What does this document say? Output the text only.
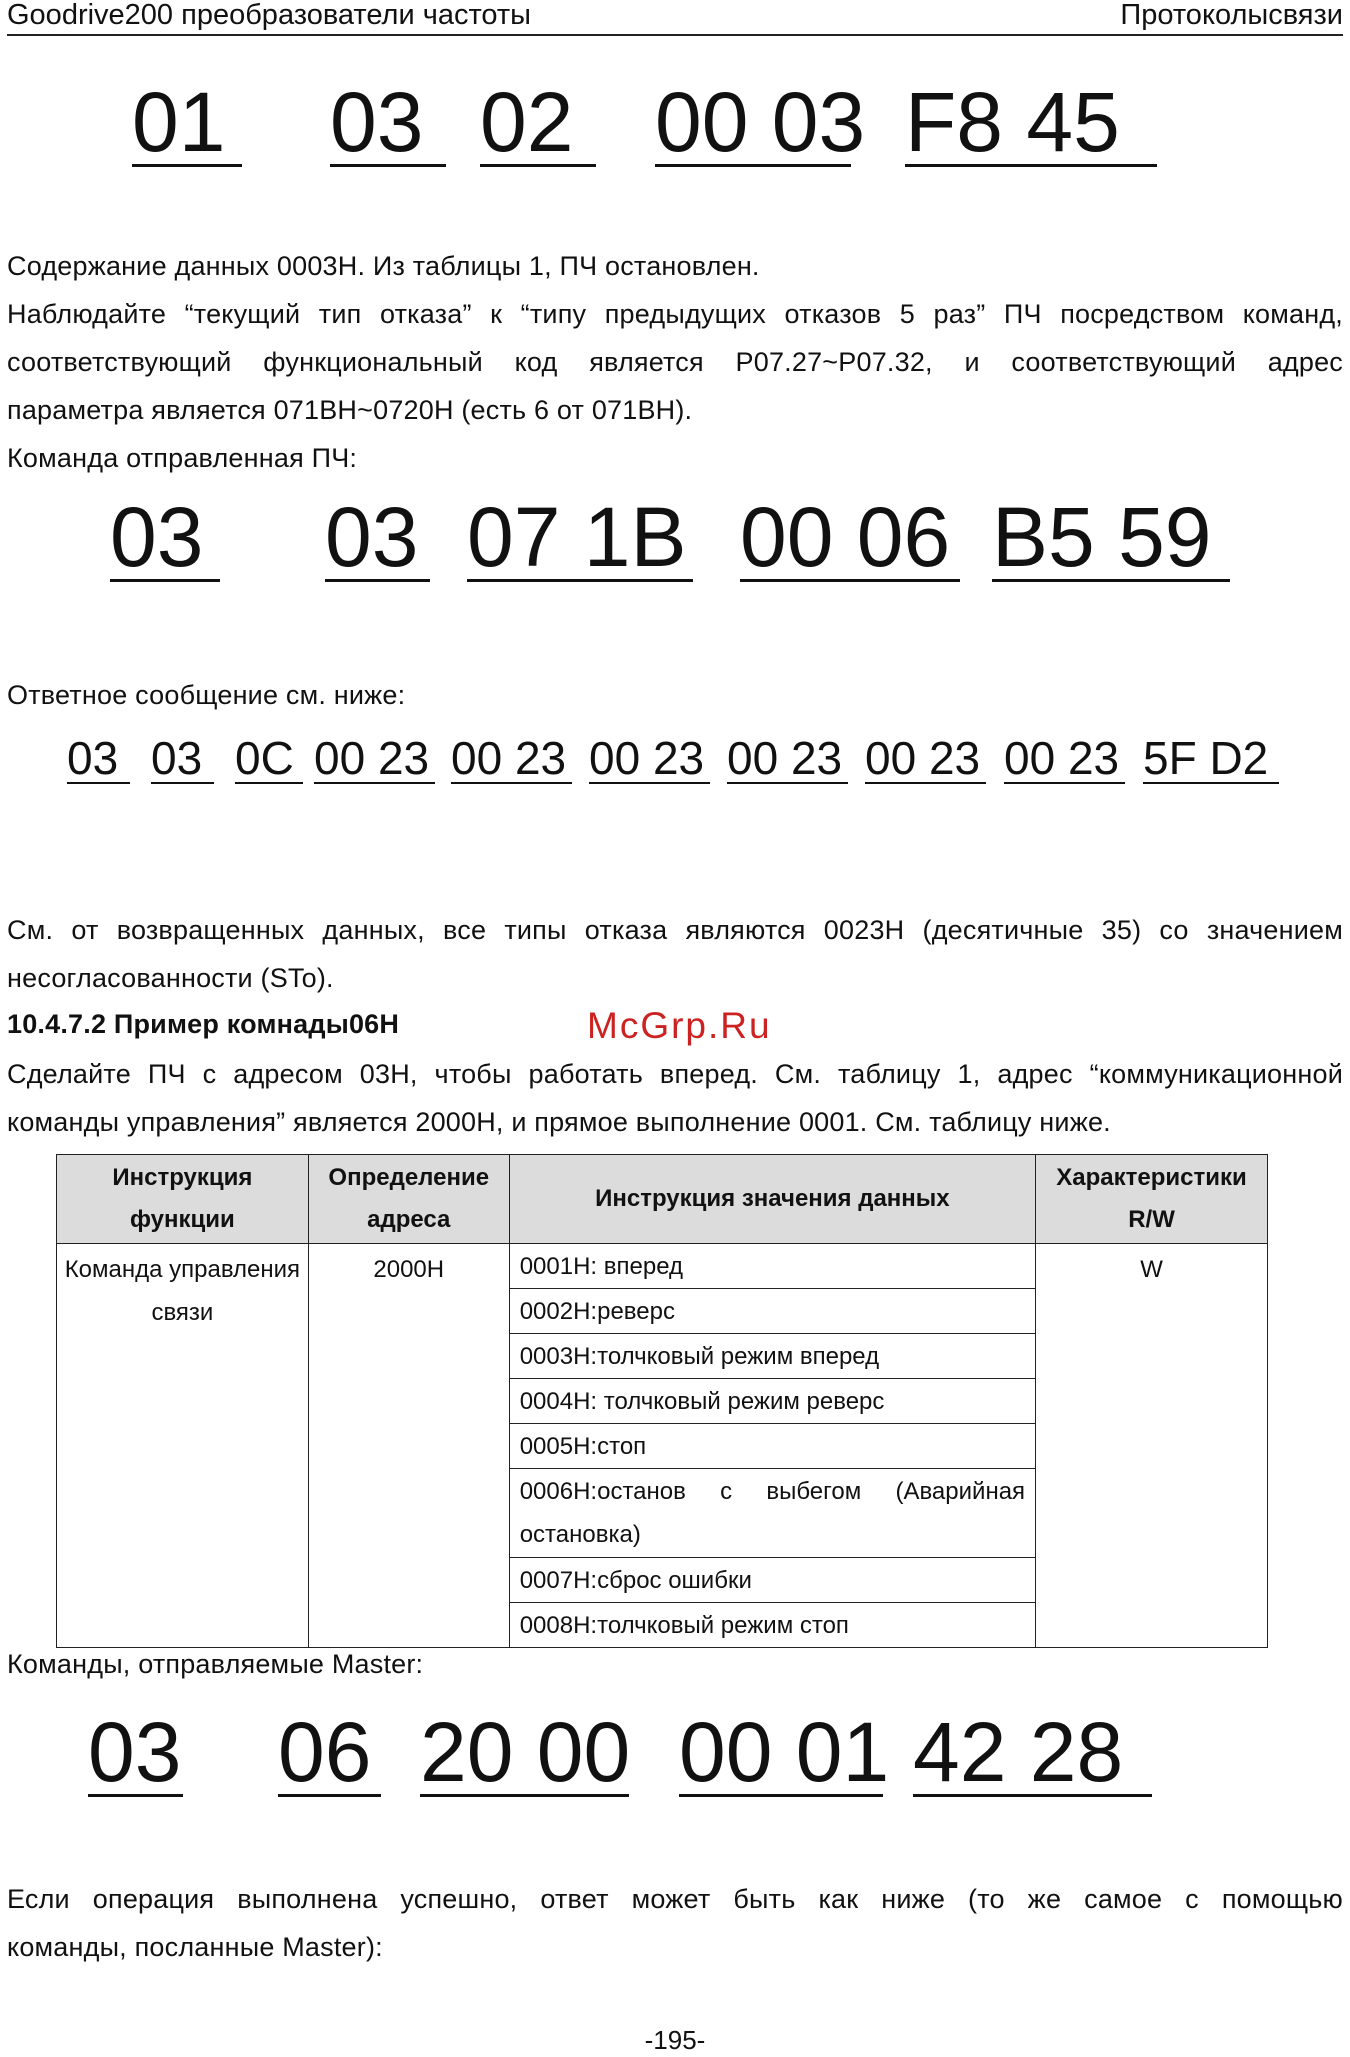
Goodrive200 преобразователи частоты	Протоколысвязи
01 03 02 00 03 F8 45
Содержание данных 0003H. Из таблицы 1, ПЧ остановлен.
Наблюдайте “текущий тип отказа” к “типу предыдущих отказов 5 раз” ПЧ посредством команд,
соответствующий функциональный код является P07.27~P07.32, и соответствующий адрес
параметра является 071BH~0720H (есть 6 от 071BH).
Команда отправленная ПЧ:
03 03 07 1B 00 06 B5 59
Ответное сообщение см. ниже:
03 03 0C 00 23 00 23 00 23 00 23 00 23 00 23 5F D2
См. от возвращенных данных, все типы отказа являются 0023H (десятичные 35) со значением
несогласованности (STo).
10.4.7.2 Пример комнады06H	McGrp.Ru
Сделайте ПЧ с адресом 03H, чтобы работать вперед. См. таблицу 1, адрес “коммуникационной
команды управления” является 2000H, и прямое выполнение 0001. См. таблицу ниже.
Инструкция функции	Определение адреса	Инструкция значения данных	Характеристики R/W
Команда управления связи	2000H	0001H: вперед	W
		0002H:реверс	
		0003H:толчковый режим вперед	
		0004H: толчковый режим реверс	
		0005H:стоп	
		0006H:останов с выбегом (Аварийная остановка)	
		0007H:сброс ошибки	
		0008H:толчковый режим стоп	
Команды, отправляемые Master:
03 06 20 00 00 01 42 28
Если операция выполнена успешно, ответ может быть как ниже (то же самое с помощью
команды, посланные Master):
-195-
